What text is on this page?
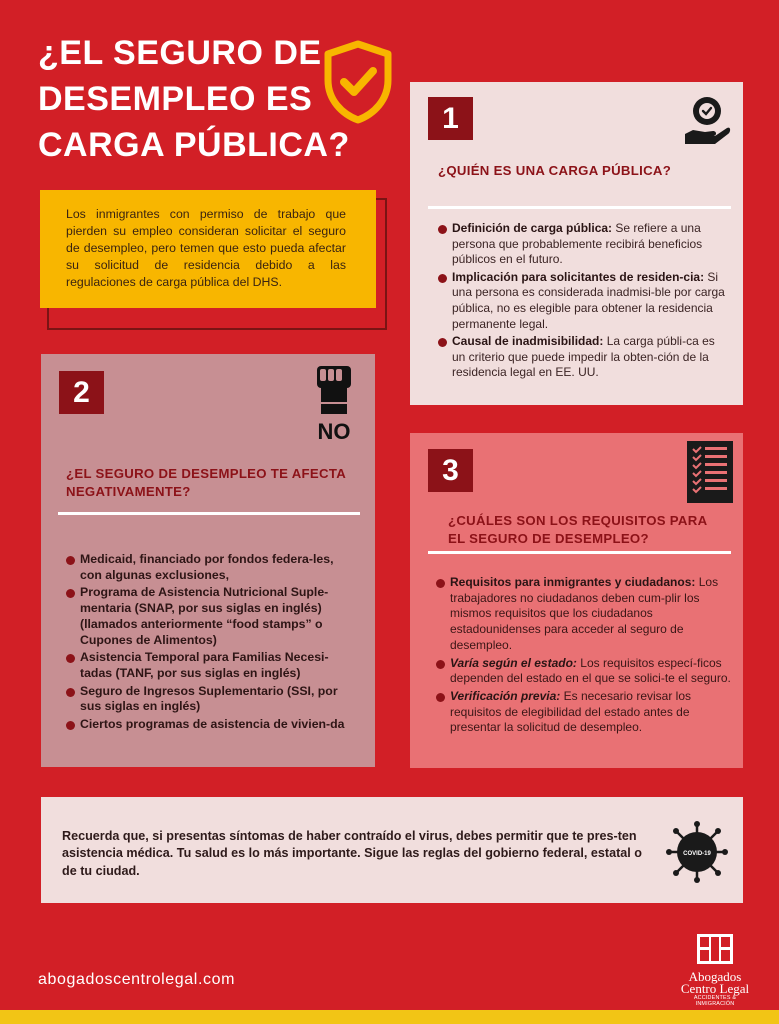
¿EL SEGURO DE
DESEMPLEO ES
CARGA PÚBLICA?
Los inmigrantes con permiso de trabajo que pierden su empleo consideran solicitar el seguro de desempleo, pero temen que esto pueda afectar su solicitud de residencia debido a las regulaciones de carga pública del DHS.
1
¿QUIÉN ES UNA CARGA PÚBLICA?
Definición de carga pública: Se refiere a una persona que probablemente recibirá beneficios públicos en el futuro.
Implicación para solicitantes de residen-cia: Si una persona es considerada inadmisi-ble por carga pública, no es elegible para obtener la residencia permanente legal.
Causal de inadmisibilidad: La carga públi-ca es un criterio que puede impedir la obten-ción de la residencia legal en EE. UU.
2
NO
¿EL SEGURO DE DESEMPLEO TE AFECTA NEGATIVAMENTE?
Medicaid, financiado por fondos federa-les, con algunas exclusiones,
Programa de Asistencia Nutricional Suple-mentaria (SNAP, por sus siglas en inglés) (llamados anteriormente “food stamps” o Cupones de Alimentos)
Asistencia Temporal para Familias Necesi-tadas (TANF, por sus siglas en inglés)
Seguro de Ingresos Suplementario (SSI, por sus siglas en inglés)
Ciertos programas de asistencia de vivien-da
3
¿CUÁLES SON LOS REQUISITOS PARA EL SEGURO DE DESEMPLEO?
Requisitos para inmigrantes y ciudadanos: Los trabajadores no ciudadanos deben cum-plir los mismos requisitos que los ciudadanos estadounidenses para acceder al seguro de desempleo.
Varía según el estado: Los requisitos especí-ficos dependen del estado en el que se solici-te el seguro.
Verificación previa: Es necesario revisar los requisitos de elegibilidad del estado antes de presentar la solicitud de desempleo.
Recuerda que, si presentas síntomas de haber contraído el virus, debes permitir que te pres-ten asistencia médica. Tu salud es lo más importante. Sigue las reglas del gobierno federal, estatal o de tu ciudad.
COVID-19
abogadoscentrolegal.com	Abogados
Centro Legal
ACCIDENTES & INMIGRACIÓN
